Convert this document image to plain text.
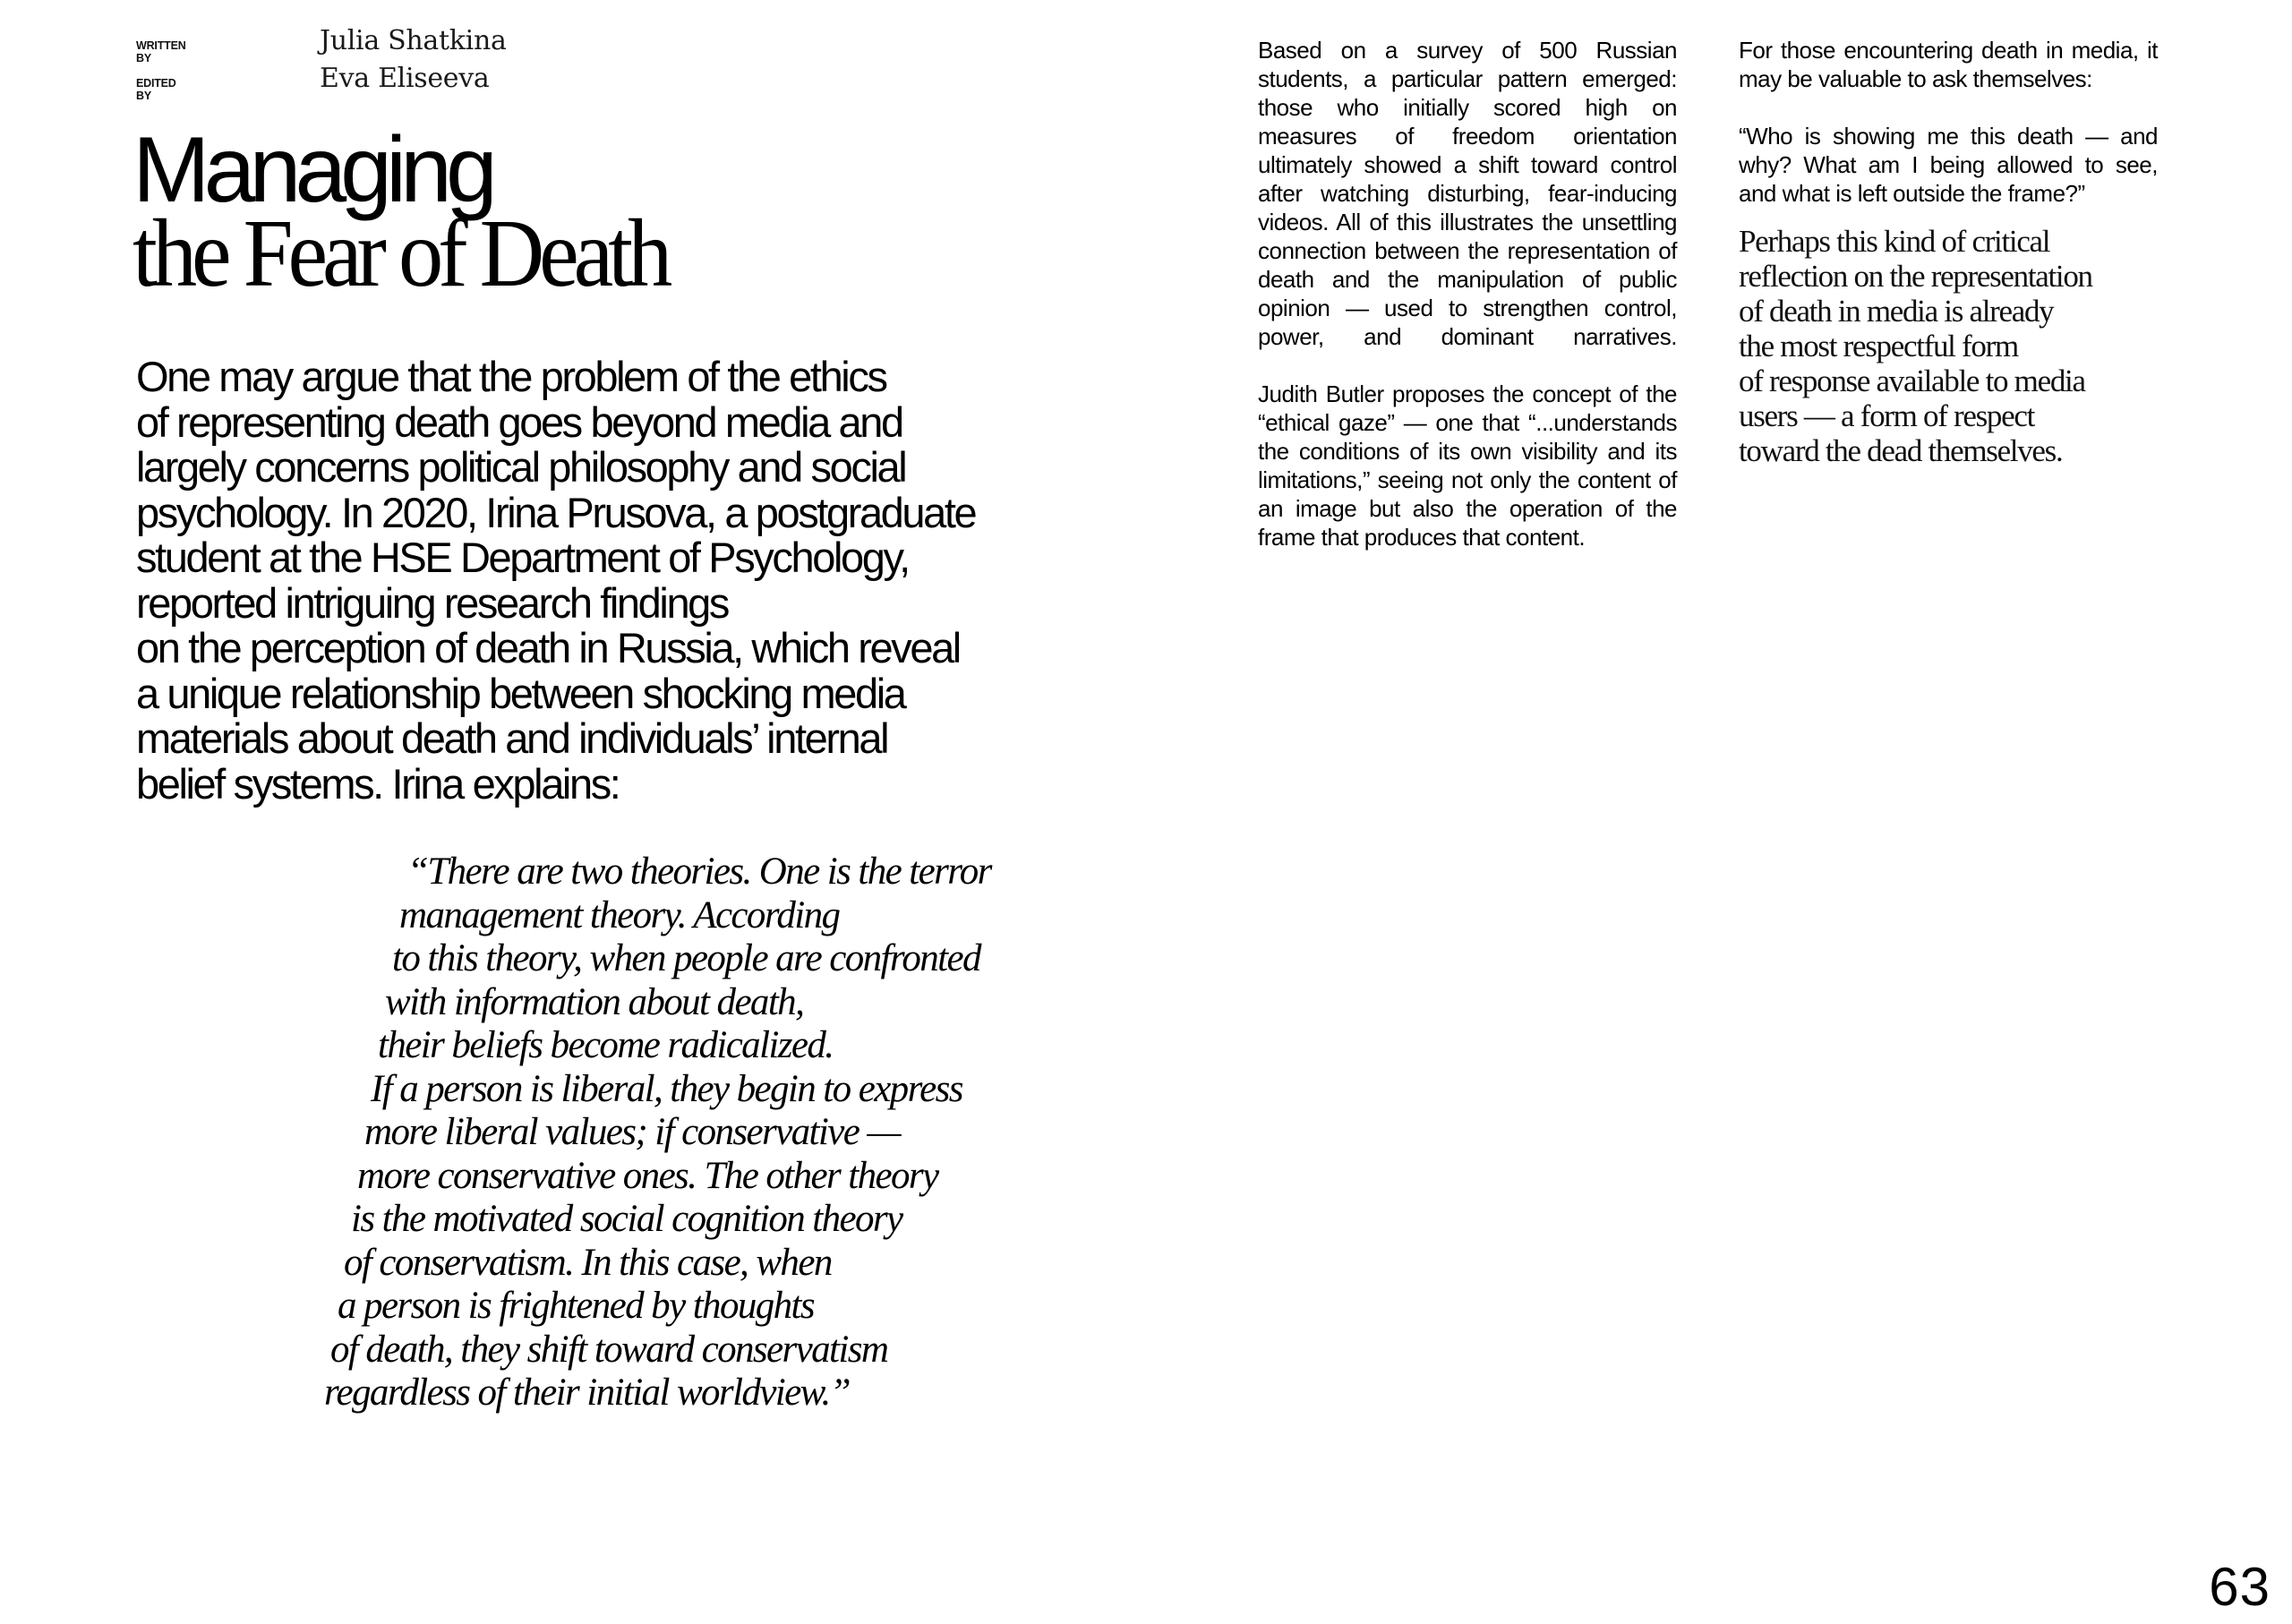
WRITTEN BY
Julia Shatkina
EDITED BY
Eva Eliseeva
Managing
the Fear of Death

One may argue that the problem of the ethics
of representing death goes beyond media and
largely concerns political philosophy and social
psychology. In 2020, Irina Prusova, a postgraduate
student at the HSE Department of Psychology,
reported intriguing research findings
on the perception of death in Russia, which reveal
a unique relationship between shocking media
materials about death and individuals’ internal
belief systems. Irina explains:

“There are two theories. One is the terror
management theory. According
to this theory, when people are confronted
with information about death,
their beliefs become radicalized.
If a person is liberal, they begin to express
more liberal values; if conservative —
more conservative ones. The other theory
is the motivated social cognition theory
of conservatism. In this case, when
a person is frightened by thoughts
of death, they shift toward conservatism
regardless of their initial worldview.”

Based on a survey of 500 Russian students, a particular pattern emerged: those who initially scored high on measures of freedom orientation ultimately showed a shift toward control after watching disturbing, fear-inducing videos. All of this illustrates the unsettling connection between the representation of death and the manipulation of public opinion — used to strengthen control, power, and dominant narratives.

Judith Butler proposes the concept of the “ethical gaze” — one that “...understands the conditions of its own visibility and its limitations,” seeing not only the content of an image but also the operation of the frame that produces that content.

For those encountering death in media, it may be valuable to ask themselves:

“Who is showing me this death — and why? What am I being allowed to see, and what is left outside the frame?”

Perhaps this kind of critical
reflection on the representation
of death in media is already
the most respectful form
of response available to media
users — a form of respect
toward the dead themselves.
63
